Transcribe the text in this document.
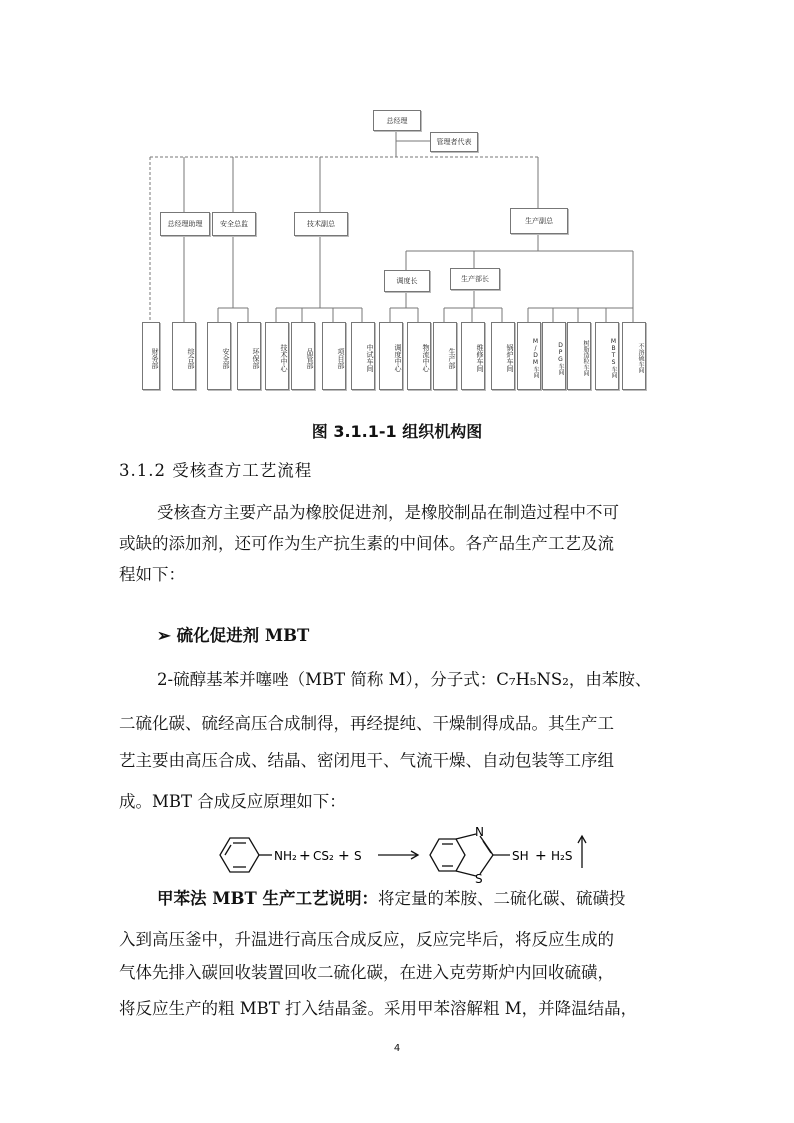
总经理
管理者代表
总经理助理	安全总监	技术副总	生产副总
调度长	生产部长
财务部	综合部	安全部	环保部	技术中心	品管部	项目部	中试车间	调度中心	物流中心	生产部	维修车间	锅炉车间	M/DM车间	DPG车间	树脂造粒车间	MBTS车间	不溶硫车间
图 3.1.1-1 组织机构图
3.1.2 受核查方工艺流程
受核查方主要产品为橡胶促进剂，是橡胶制品在制造过程中不可
或缺的添加剂，还可作为生产抗生素的中间体。各产品生产工艺及流
程如下：
➢ 硫化促进剂 MBT
2-硫醇基苯并噻唑（MBT 简称 M），分子式：C₇H₅NS₂，由苯胺、
二硫化碳、硫经高压合成制得，再经提纯、干燥制得成品。其生产工
艺主要由高压合成、结晶、密闭甩干、气流干燥、自动包装等工序组
成。MBT 合成反应原理如下：
NH₂ + CS₂ + S
N
S
SH + H₂S
甲苯法 MBT 生产工艺说明：将定量的苯胺、二硫化碳、硫磺投
入到高压釜中，升温进行高压合成反应，反应完毕后，将反应生成的
气体先排入碳回收装置回收二硫化碳，在进入克劳斯炉内回收硫磺，
将反应生产的粗 MBT 打入结晶釜。采用甲苯溶解粗 M，并降温结晶，
4
